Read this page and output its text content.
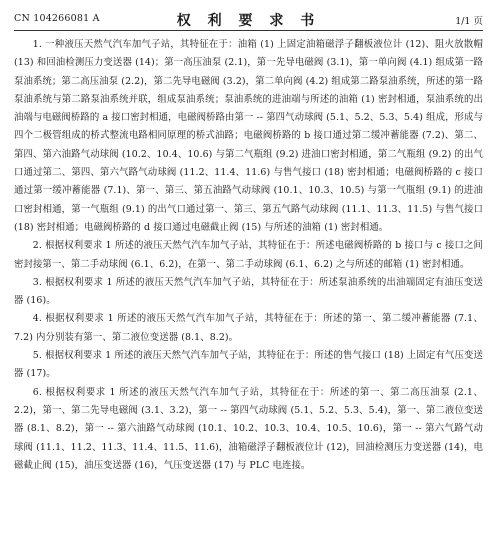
CN 104266081 A	权 利 要 求 书	1/1 页

1. 一种液压天然气汽车加气子站，其特征在于：油箱 (1) 上固定油箱磁浮子翻板液位计 (12)、阻火放散帽 (13) 和回油检测压力变送器 (14)；第一高压油泵 (2.1)，第一先导电磁阀 (3.1)，第一单向阀 (4.1) 组成第一路泵油系统；第二高压油泵 (2.2)，第二先导电磁阀 (3.2)，第二单向阀 (4.2) 组成第二路泵油系统，所述的第一路泵油系统与第二路泵油系统并联，组成泵油系统；泵油系统的进油端与所述的油箱 (1) 密封相通，泵油系统的出油端与电磁阀桥路的 a 接口密封相通，电磁阀桥路由第一 -- 第四气动球阀 (5.1、5.2、5.3、5.4) 组成，形成与四个二极管组成的桥式整流电路相同原理的桥式油路；电磁阀桥路的 b 接口通过第二缓冲蓄能器 (7.2)、第二、第四、第六油路气动球阀 (10.2、10.4、10.6) 与第二气瓶组 (9.2) 进油口密封相通，第二气瓶组 (9.2) 的出气口通过第二、第四、第六气路气动球阀 (11.2、11.4、11.6) 与售气接口 (18) 密封相通；电磁阀桥路的 c 接口通过第一缓冲蓄能器 (7.1)、第一、第三、第五油路气动球阀 (10.1、10.3、10.5) 与第一气瓶组 (9.1) 的进油口密封相通，第一气瓶组 (9.1) 的出气口通过第一、第三、第五气路气动球阀 (11.1、11.3、11.5) 与售气接口 (18) 密封相通；电磁阀桥路的 d 接口通过电磁截止阀 (15) 与所述的油箱 (1) 密封相通。

2. 根据权利要求 1 所述的液压天然气汽车加气子站，其特征在于：所述电磁阀桥路的 b 接口与 c 接口之间密封接第一、第二手动球阀 (6.1、6.2)，在第一、第二手动球阀 (6.1、6.2) 之与所述的邮箱 (1) 密封相通。

3. 根据权利要求 1 所述的液压天然气汽车加气子站，其特征在于：所述泵油系统的出油端固定有油压变送器 (16)。

4. 根据权利要求 1 所述的液压天然气汽车加气子站，其特征在于：所述的第一、第二缓冲蓄能器 (7.1、7.2) 内分别装有第一、第二液位变送器 (8.1、8.2)。

5. 根据权利要求 1 所述的液压天然气汽车加气子站，其特征在于：所述的售气接口 (18) 上固定有气压变送器 (17)。

6. 根据权利要求 1 所述的液压天然气汽车加气子站，其特征在于：所述的第一、第二高压油泵 (2.1、2.2)，第一、第二先导电磁阀 (3.1、3.2)，第一 -- 第四气动球阀 (5.1、5.2、5.3、5.4)，第一、第二液位变送器 (8.1、8.2)，第一 -- 第六油路气动球阀 (10.1、10.2、10.3、10.4、10.5、10.6)，第一 -- 第六气路气动球阀 (11.1、11.2、11.3、11.4、11.5、11.6)，油箱磁浮子翻板液位计 (12)，回油检测压力变送器 (14)，电磁截止阀 (15)，油压变送器 (16)，气压变送器 (17) 与 PLC 电连接。
